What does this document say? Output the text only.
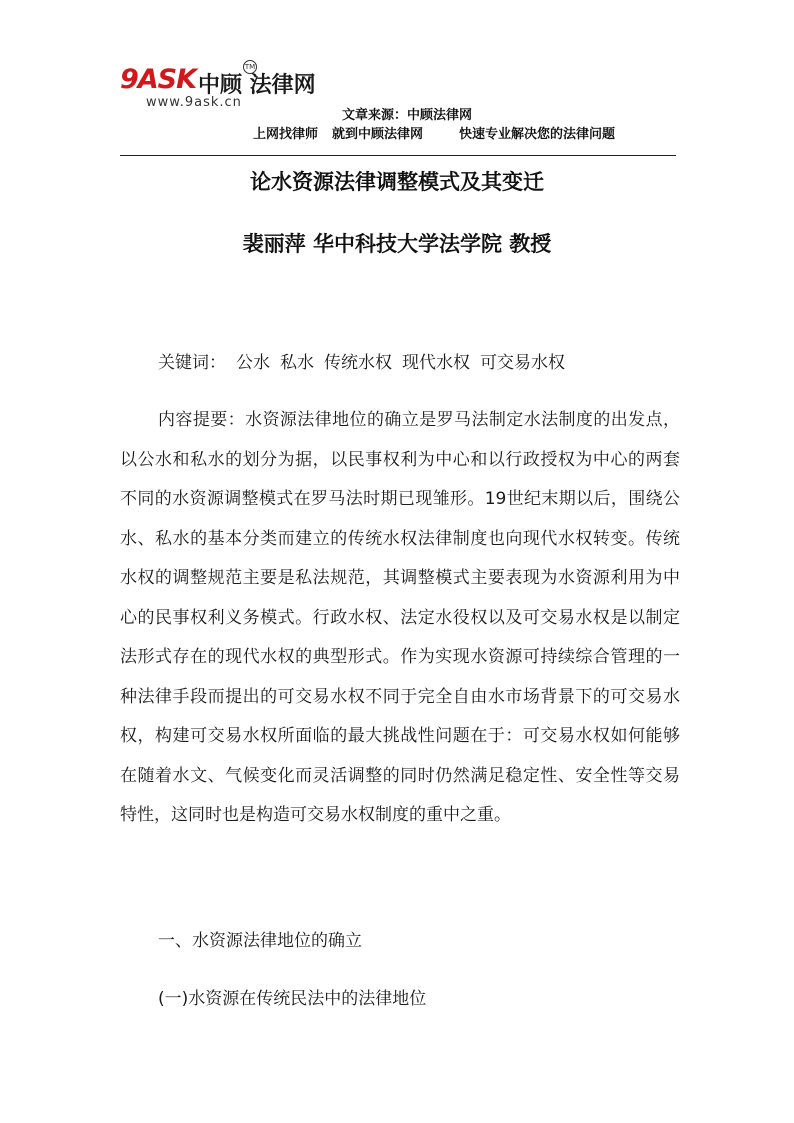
9ASK 中顾 法律网
TM
www.9ask.cn
文章来源：中顾法律网
上网找律师 就到中顾法律网	快速专业解决您的法律问题
论水资源法律调整模式及其变迁
裴丽萍 华中科技大学法学院 教授
关键词： 公水 私水 传统水权 现代水权 可交易水权
内容提要：水资源法律地位的确立是罗马法制定水法制度的出发点，以公水和私水的划分为据，以民事权利为中心和以行政授权为中心的两套不同的水资源调整模式在罗马法时期已现雏形。19世纪末期以后，围绕公水、私水的基本分类而建立的传统水权法律制度也向现代水权转变。传统水权的调整规范主要是私法规范，其调整模式主要表现为水资源利用为中心的民事权利义务模式。行政水权、法定水役权以及可交易水权是以制定法形式存在的现代水权的典型形式。作为实现水资源可持续综合管理的一种法律手段而提出的可交易水权不同于完全自由水市场背景下的可交易水权，构建可交易水权所面临的最大挑战性问题在于：可交易水权如何能够在随着水文、气候变化而灵活调整的同时仍然满足稳定性、安全性等交易特性，这同时也是构造可交易水权制度的重中之重。
一、水资源法律地位的确立
(一)水资源在传统民法中的法律地位
